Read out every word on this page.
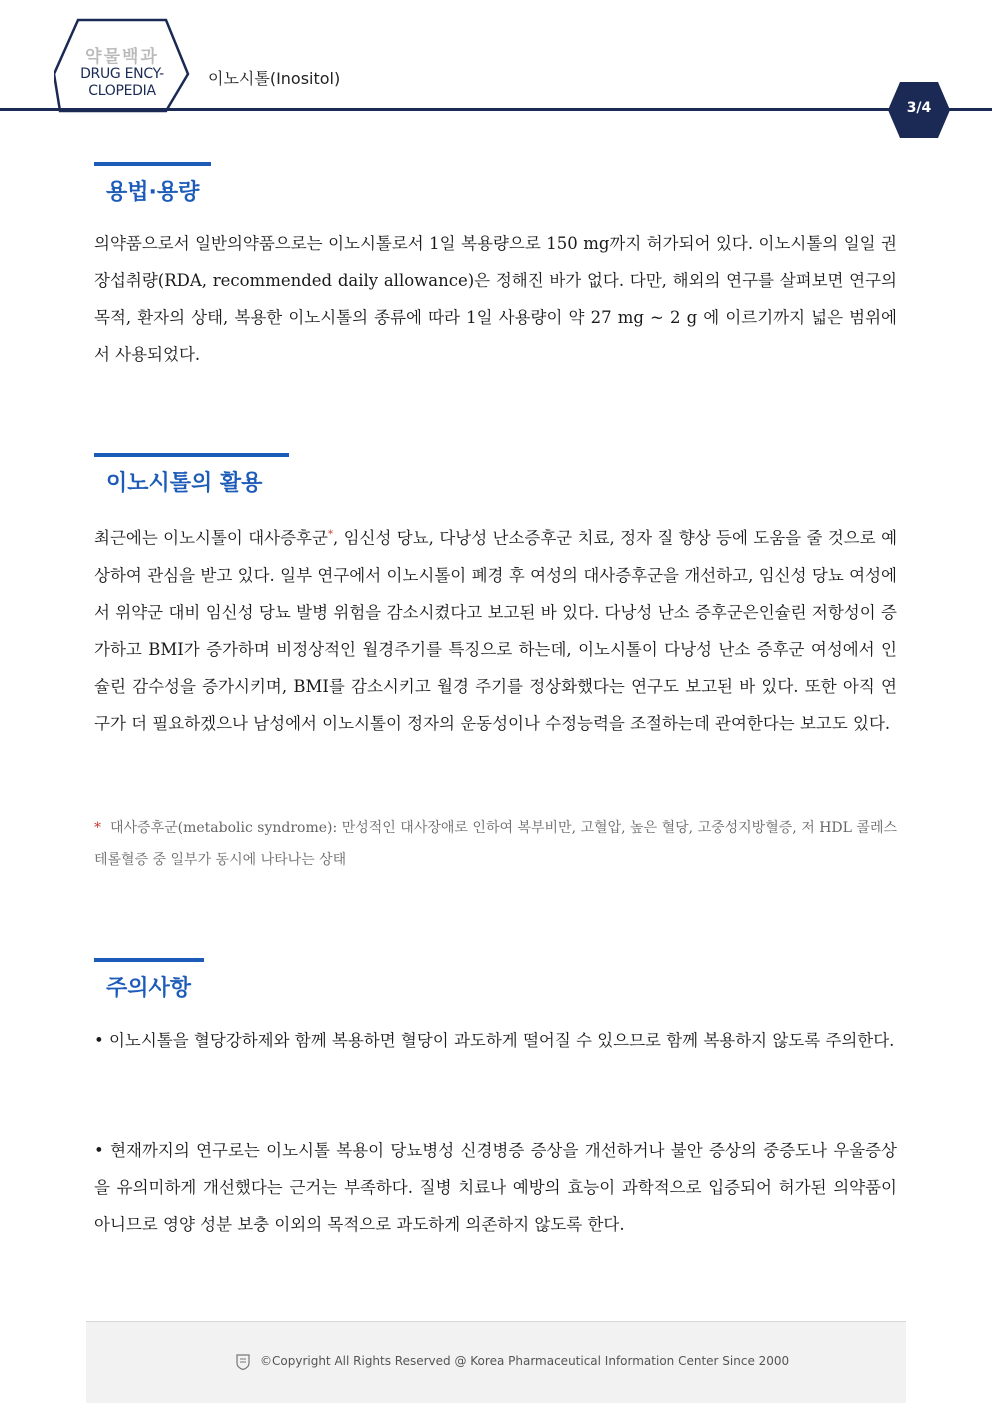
약물백과
DRUG ENCY-
CLOPEDIA
이노시톨(Inositol)
3/4
용법·용량
의약품으로서 일반의약품으로는 이노시톨로서 1일 복용량으로 150 mg까지 허가되어 있다. 이노시톨의 일일 권장섭취량(RDA, recommended daily allowance)은 정해진 바가 없다. 다만, 해외의 연구를 살펴보면 연구의 목적, 환자의 상태, 복용한 이노시톨의 종류에 따라 1일 사용량이 약 27 mg ~ 2 g 에 이르기까지 넓은 범위에서 사용되었다.
이노시톨의 활용
최근에는 이노시톨이 대사증후군*, 임신성 당뇨, 다낭성 난소증후군 치료, 정자 질 향상 등에 도움을 줄 것으로 예상하여 관심을 받고 있다. 일부 연구에서 이노시톨이 폐경 후 여성의 대사증후군을 개선하고, 임신성 당뇨 여성에서 위약군 대비 임신성 당뇨 발병 위험을 감소시켰다고 보고된 바 있다. 다낭성 난소 증후군은인슐린 저항성이 증가하고 BMI가 증가하며 비정상적인 월경주기를 특징으로 하는데, 이노시톨이 다낭성 난소 증후군 여성에서 인슐린 감수성을 증가시키며, BMI를 감소시키고 월경 주기를 정상화했다는 연구도 보고된 바 있다. 또한 아직 연구가 더 필요하겠으나 남성에서 이노시톨이 정자의 운동성이나 수정능력을 조절하는데 관여한다는 보고도 있다.
* 대사증후군(metabolic syndrome): 만성적인 대사장애로 인하여 복부비만, 고혈압, 높은 혈당, 고중성지방혈증, 저 HDL 콜레스테롤혈증 중 일부가 동시에 나타나는 상태
주의사항
• 이노시톨을 혈당강하제와 함께 복용하면 혈당이 과도하게 떨어질 수 있으므로 함께 복용하지 않도록 주의한다.
• 현재까지의 연구로는 이노시톨 복용이 당뇨병성 신경병증 증상을 개선하거나 불안 증상의 중증도나 우울증상을 유의미하게 개선했다는 근거는 부족하다. 질병 치료나 예방의 효능이 과학적으로 입증되어 허가된 의약품이 아니므로 영양 성분 보충 이외의 목적으로 과도하게 의존하지 않도록 한다.
©Copyright All Rights Reserved @ Korea Pharmaceutical Information Center Since 2000
